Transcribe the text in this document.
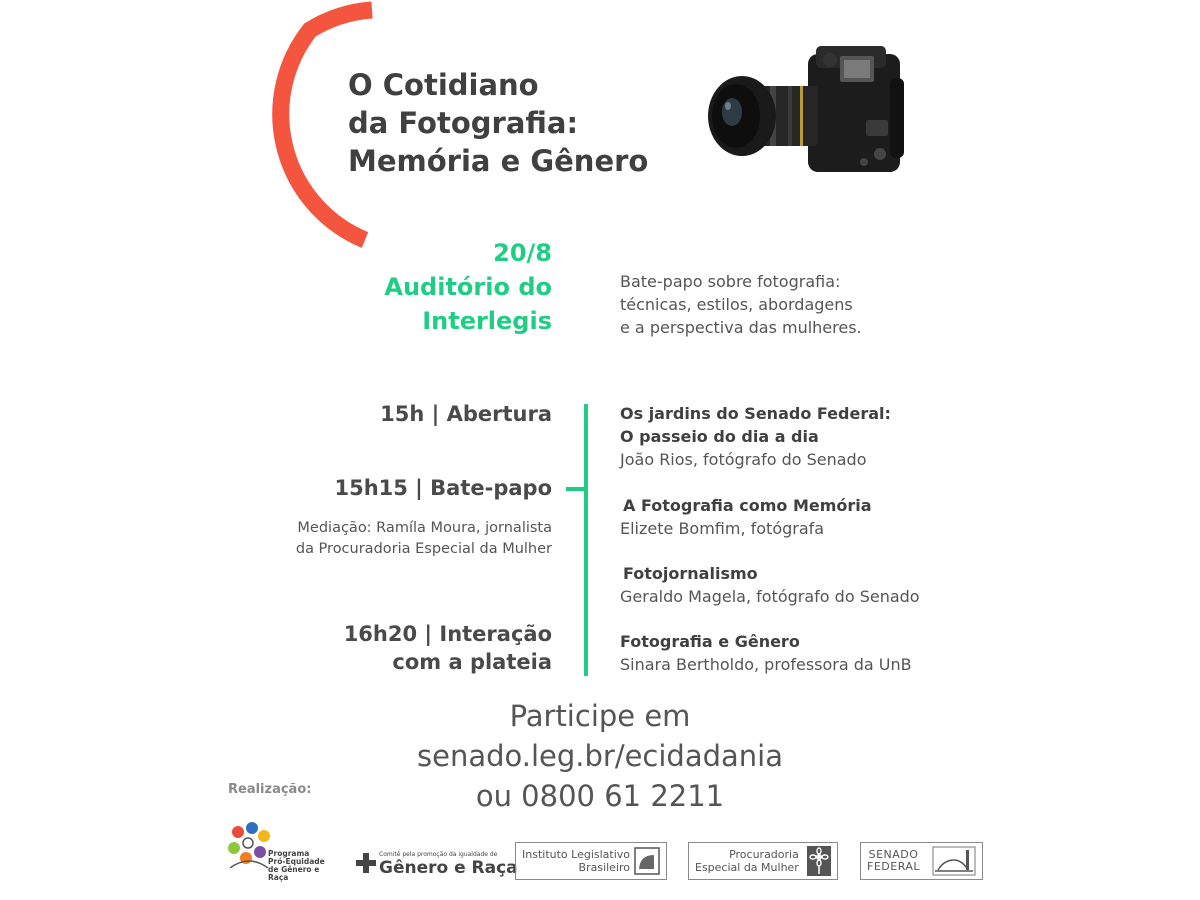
O Cotidiano
da Fotografia:
Memória e Gênero
20/8
Auditório do
Interlegis
Bate-papo sobre fotografia:
técnicas, estilos, abordagens
e a perspectiva das mulheres.
15h | Abertura
15h15 | Bate-papo
Mediação: Ramíla Moura, jornalista
da Procuradoria Especial da Mulher
16h20 | Interação
com a plateia
Os jardins do Senado Federal:
O passeio do dia a dia
João Rios, fotógrafo do Senado
A Fotografia como Memória
Elizete Bomfim, fotógrafa
Fotojornalismo
Geraldo Magela, fotógrafo do Senado
Fotografia e Gênero
Sinara Bertholdo, professora da UnB
Participe em
senado.leg.br/ecidadania
ou 0800 61 2211
Realização:
Programa
Pró-Equidade
de Gênero e Raça
Comitê pela promoção da igualdade de
Gênero e Raça
Instituto Legislativo
Brasileiro
Procuradoria
Especial da Mulher
SENADO
FEDERAL
